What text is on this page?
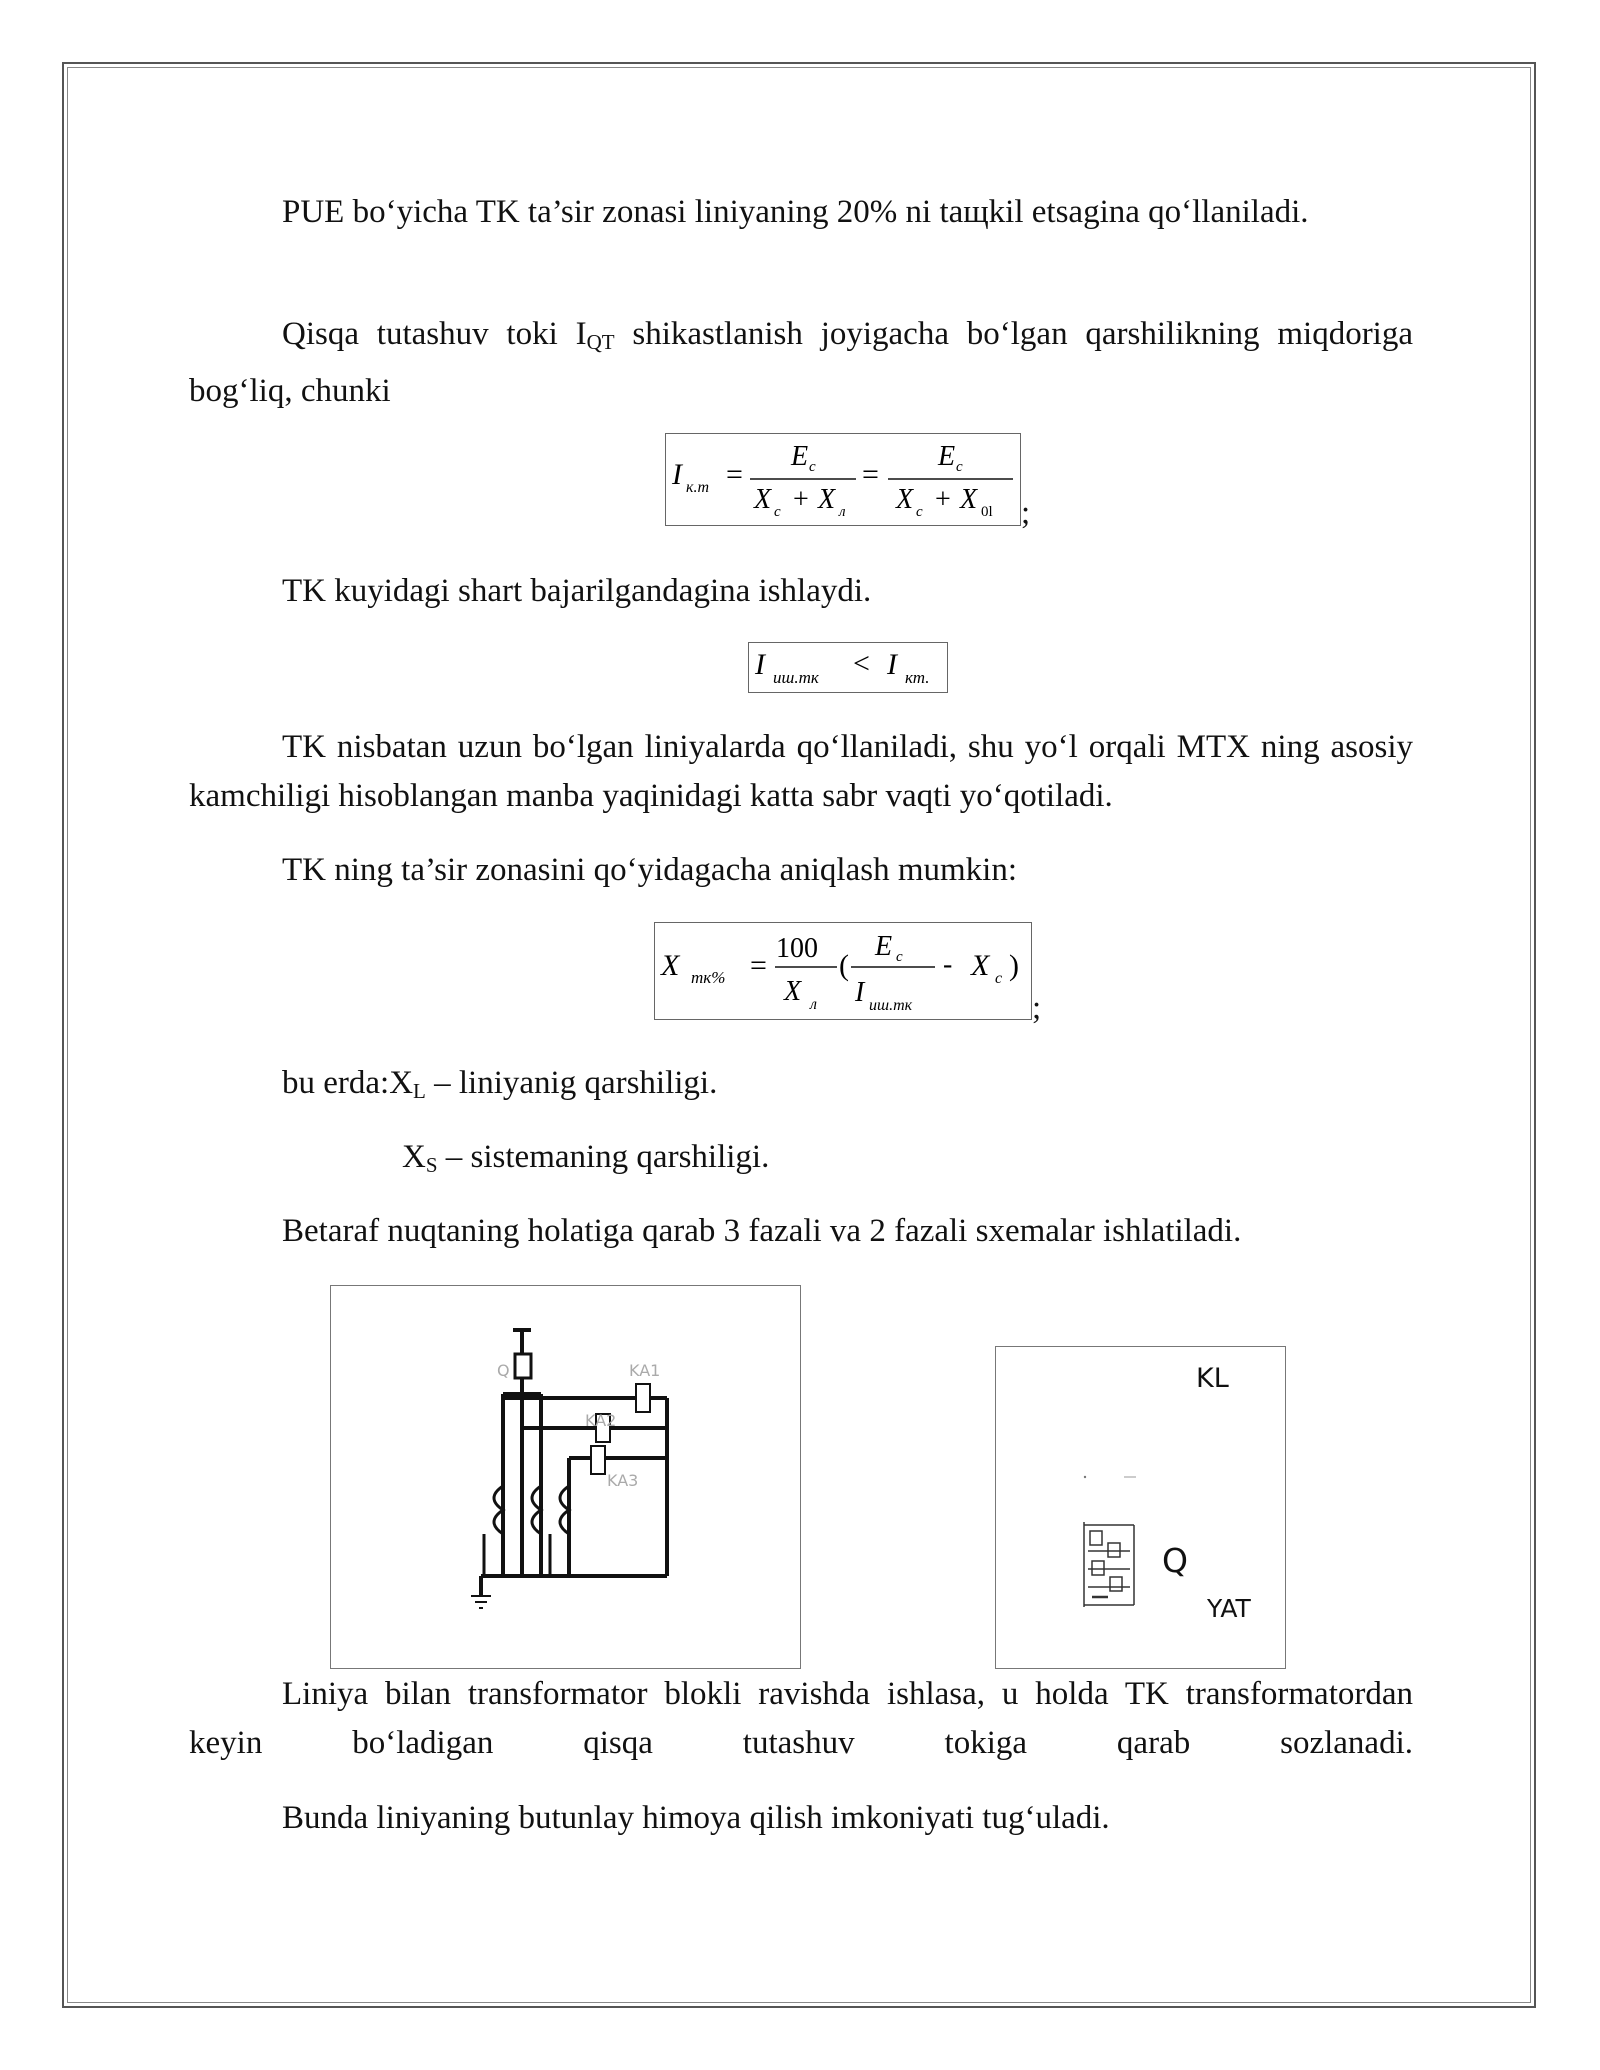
PUE bo‘yicha TK ta’sir zonasi liniyaning 20% ni taщkil etsagina qo‘llaniladi.

Qisqa tutashuv toki $I_{QT}$ shikastlanish joyigacha bo‘lgan qarshilikning miqdoriga bog‘liq, chunki

I к.т =
E c
X c + X л
=
E c
X c + X 0l ;

TK kuyidagi shart bajarilgandagina ishlaydi.

I иш.тк < I кт.

TK nisbatan uzun bo‘lgan liniyalarda qo‘llaniladi, shu yo‘l orqali MTX ning asosiy kamchiligi hisoblangan manba yaqinidagi katta sabr vaqti yo‘qotiladi.

TK ning ta’sir zonasini qo‘yidagacha aniqlash mumkin:

X тк% =
100
X л
(
E c
I иш.тк
- X c )
;

bu $erda:X_L$ – liniyanig qarshiligi.

$X_S$ – sistemaning qarshiligi.

Betaraf nuqtaning holatiga qarab 3 fazali va 2 fazali sxemalar ishlatiladi.

Q	KA1
KA2
KA3
KL
Q
YAT

Liniya bilan transformator blokli ravishda ishlasa, u holda TK transformatordan keyin bo‘ladigan qisqa tutashuv tokiga qarab sozlanadi.

Bunda liniyaning butunlay himoya qilish imkoniyati tug‘uladi.
